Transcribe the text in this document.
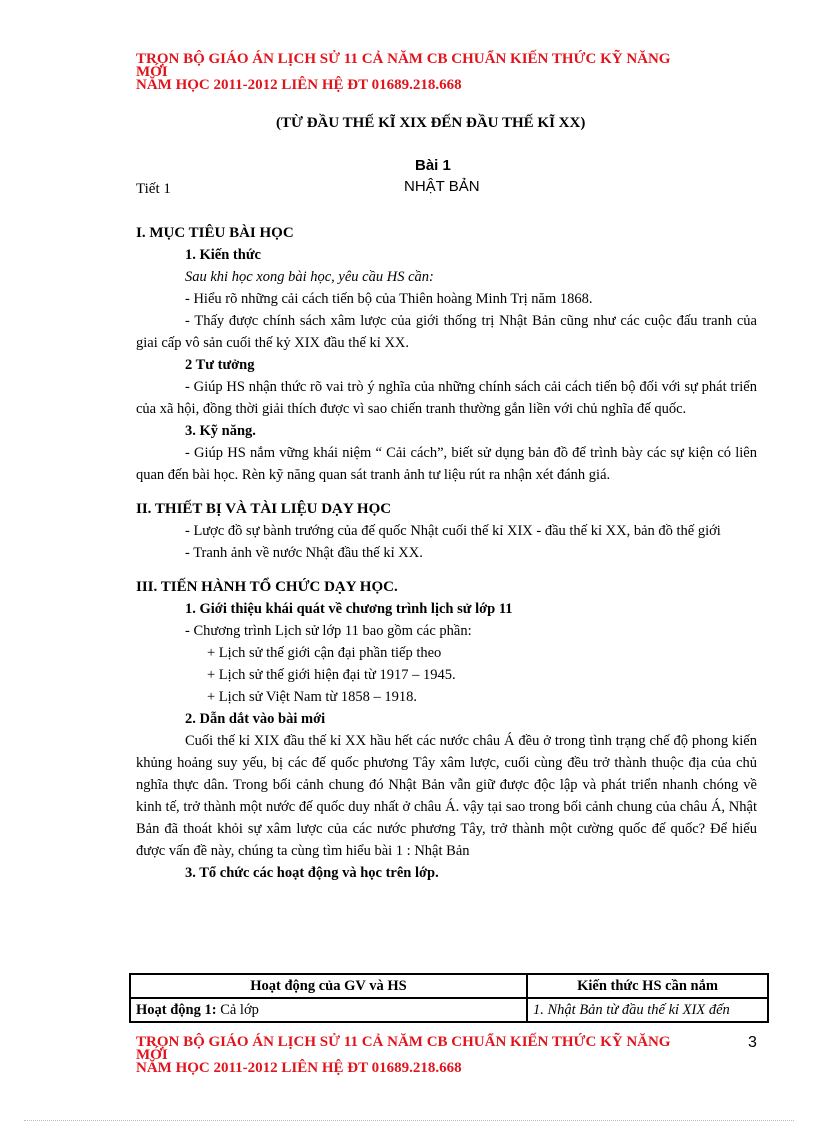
TRỌN BỘ GIÁO ÁN LỊCH SỬ 11 CẢ NĂM CB CHUẨN KIẾN THỨC KỸ NĂNG
MỚI
NĂM HỌC 2011-2012 LIÊN HỆ ĐT 01689.218.668
(TỪ ĐẦU THẾ KĨ XIX ĐẾN ĐẦU THẾ KĨ XX)
Bài 1
Tiết 1	NHẬT BẢN

I. MỤC TIÊU BÀI HỌC

1. Kiến thức

Sau khi học xong bài học, yêu cầu HS cần:

- Hiểu rõ những cải cách tiến bộ của Thiên hoàng Minh Trị năm 1868.

- Thấy được chính sách xâm lược của giới thống trị Nhật Bản cũng như các cuộc đấu tranh của giai cấp vô sản cuối thế kỷ XIX đầu thế kỉ XX.

2 Tư tưởng

- Giúp HS nhận thức rõ vai trò ý nghĩa của những chính sách cải cách tiến bộ đối với sự phát triển của xã hội, đồng thời giải thích được vì sao chiến tranh thường gắn liền với chủ nghĩa đế quốc.

3. Kỹ năng.

- Giúp HS nắm vững khái niệm “ Cải cách”, biết sử dụng bản đồ để trình bày các sự kiện có liên quan đến bài học. Rèn kỹ năng quan sát tranh ảnh tư liệu rút ra nhận xét đánh giá.

II. THIẾT BỊ VÀ TÀI LIỆU DẠY HỌC

- Lược đồ sự bành trướng của đế quốc Nhật cuối thế kỉ XIX - đầu thế kỉ XX, bản đồ thế giới

- Tranh ảnh về nước Nhật đầu thế kỉ XX.

III. TIẾN HÀNH TỔ CHỨC DẠY HỌC.

1. Giới thiệu khái quát về chương trình lịch sử lớp 11

- Chương trình Lịch sử lớp 11 bao gồm các phần:

+ Lịch sử thế giới cận đại phần tiếp theo

+ Lịch sử thế giới hiện đại từ 1917 – 1945.

+ Lịch sử Việt Nam từ 1858 – 1918.

2. Dẫn dắt vào bài mới

Cuối thế kỉ XIX đầu thế kỉ XX hầu hết các nước châu Á đều ở trong tình trạng chế độ phong kiến khủng hoảng suy yếu, bị các đế quốc phương Tây xâm lược, cuối cùng đều trở thành thuộc địa của chủ nghĩa thực dân. Trong bối cảnh chung đó Nhật Bản vẫn giữ được độc lập và phát triển nhanh chóng về kinh tế, trở thành một nước đế quốc duy nhất ở châu Á. vậy tại sao trong bối cảnh chung của châu Á, Nhật Bản đã thoát khỏi sự xâm lược của các nước phương Tây, trở thành một cường quốc đế quốc? Để hiểu được vấn đề này, chúng ta cùng tìm hiểu bài 1 : Nhật Bản

3. Tổ chức các hoạt động và học trên lớp.

Hoạt động của GV và HS	Kiến thức HS cần nắm
Hoạt động 1: Cả lớp	1. Nhật Bản từ đầu thế kỉ XIX đến
TRỌN BỘ GIÁO ÁN LỊCH SỬ 11 CẢ NĂM CB CHUẨN KIẾN THỨC KỸ NĂNG
MỚI
NĂM HỌC 2011-2012 LIÊN HỆ ĐT 01689.218.668
3
